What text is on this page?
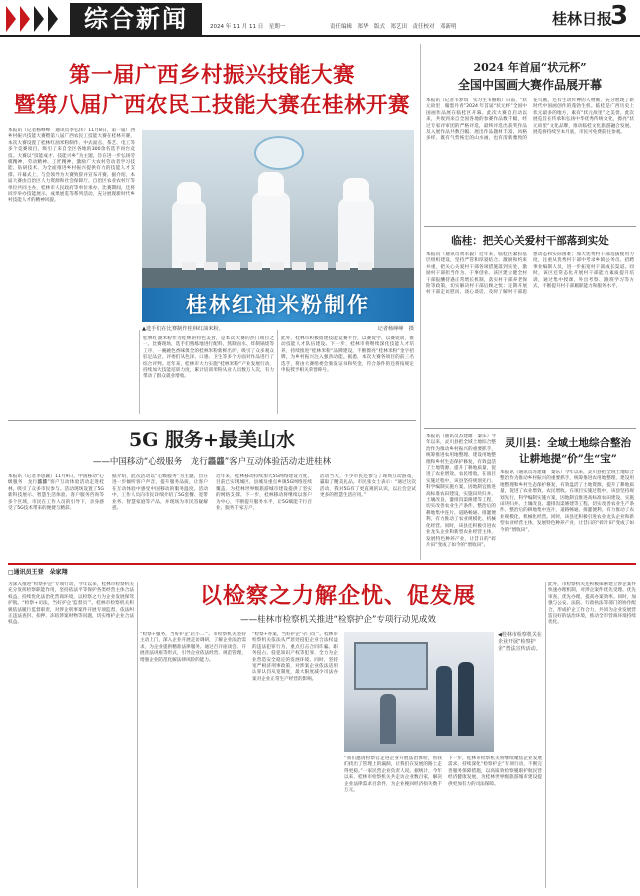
综合新闻	2024 年 11 月 11 日　星期一	责任编辑　郑华　版式　郑艺田　责任校对　邓新明	桂林日报
3
第一届广西乡村振兴技能大赛
暨第八届广西农民工技能大赛在桂林开赛
本报讯（记者杨峥峥　通讯员李弘伟）11月8日，第一届广西乡村振兴技能大赛暨第八届广西农民工技能大赛在桂林开赛，本次大赛设置了桂林红油米粉制作、中式面点、茶艺、电工等多个竞赛项目，吸引了来自全区各地的300余名选手同台竞技。大赛以“技能成才、技能兴乡”为主题，旨在进一步弘扬劳模精神、劳动精神、工匠精神，激励广大农村劳动者学习技能、钻研技术，为全面推进乡村振兴提供有力的技能人才支撑。开幕式上，与会领导为大赛致辞并宣布开赛。据介绍，本届大赛由自治区人力资源和社会保障厅、自治区农业农村厅等单位共同主办，桂林市人民政府等单位承办。比赛期间，还将同步举办技能展示、成果展览等系列活动，充分展现新时代乡村技能人才的精神风貌。
桂林红油米粉制作
▲选手们在比赛制作桂林红油米粉。	记者杨峥峥　摄
桂林红油米粉作为桂林的特色美食，是本次大赛的热门项目之一。比赛现场，选手们熟练地进行配料、熬制卤水、炸制锅烧等工序，一碗碗色香味俱全的桂林米粉新鲜出炉，吸引了众多观众驻足品尝。评委们从色泽、口感、卫生等多个方面对作品进行了综合评判。近年来，桂林市大力实施“桂林米粉”产业发展行动，持续加大技能培训力度，累计培训米粉从业人员数万人次，有力带动了群众就业增收。
此外，桂林市积极搭建技能竞赛平台，以赛促学、以赛促训，推动技能人才队伍建设。下一步，桂林市将继续深化技能人才培养，持续推进“桂林米粉”品牌建设，不断擦亮“桂林米粉”金字招牌，为乡村振兴注入强劲动能。据悉，本次大赛各项目的前三名选手，将由大赛组委会颁发证书和奖金，符合条件的还将按规定申报授予相关荣誉称号。
2024 年首届“状元杯”
全国中国画大赛作品展开幕
本报讯（记者韦梦琪　实习生韦丽娟）日前，“状元故里　翰墨丹青”2024 年首届“状元杯”全国中国画作品展在临桂区开幕。此次大赛自启动以来，共收到来自全国各地的参赛作品数千幅，经过专家评审团的严格评选，最终评选出获奖作品及入展作品共数百幅。展出作品题材丰富、风格多样，既有气势恢宏的山水画，也有清新雅致的花鸟画，还有生动传神的人物画，充分展现了新时代中国画创作的蓬勃生机。临桂是广西历史上状元最多的地方，素有“状元故里”之美誉。此次展览旨在传承和弘扬中华优秀传统文化，擦亮“状元故里”文化品牌，推动临桂文化旅游融合发展。展览将持续至本月底，市民可免费前往参观。
临桂：把关心关爱村干部落到实处
本报讯（通讯员黄永毅）近年来，临桂区紧扣基层组织建设，坚持严管和厚爱结合、激励和约束并重，把关心关爱村干部各项措施落到实处，激励村干部担当作为、干事创业。该区建立健全村干部报酬待遇正常增长机制，落实村干部养老保险等政策，切实解决村干部后顾之忧；定期开展村干部走访慰问、谈心谈话，及时了解村干部思想动态和实际困难；加大优秀村干部选拔使用力度，注重从优秀村干部中考录乡镇公务员、招聘事业编制人员，进一步拓宽村干部成长渠道。同时，该区还常态化开展村干部能力素质提升培训，通过集中授课、外出考察、跟班学习等方式，不断提升村干部履职能力和服务水平。
灵川县：全域土地综合整治
让耕地提“价”生“宝”
本报讯（通讯员苏建雄　秦乐）今年以来，灵川县把全域土地综合整治作为推动乡村振兴的重要抓手，统筹推进农用地整理、建设用地整理和乡村生态保护修复，有效盘活了土地资源，提升了耕地质量，促进了农业增效、农民增收。在项目实施过程中，该县坚持规划先行，科学编制实施方案，因地制宜推进高标准农田建设，实施田块归并、土壤改良、灌排沟渠修建等工程，切实改善农业生产条件。整治后的耕地集中连片、道路畅通、排灌便利，有力推动了农业规模化、机械化经营。同时，该县还积极引进农业龙头企业和新型农业经营主体，发展特色种养产业，让昔日的“碎片田”变成了如今的“增收田”。
本报讯（通讯员苏建雄　秦乐）今年以来，灵川县把全域土地综合整治作为推动乡村振兴的重要抓手，统筹推进农用地整理、建设用地整理和乡村生态保护修复，有效盘活了土地资源，提升了耕地质量，促进了农业增效、农民增收。在项目实施过程中，该县坚持规划先行，科学编制实施方案，因地制宜推进高标准农田建设，实施田块归并、土壤改良、灌排沟渠修建等工程，切实改善农业生产条件。整治后的耕地集中连片、道路畅通、排灌便利，有力推动了农业规模化、机械化经营。同时，该县还积极引进农业龙头企业和新型农业经营主体，发展特色种养产业，让昔日的“碎片田”变成了如今的“增收田”。
5G 服务+最美山水
——中国移动“心级服务　龙行龘龘”客户互动体验活动走进桂林
本报讯（记者李思颖）11月9日，中国移动“心级服务　龙行龘龘”客户互动体验活动走进桂林，吸引了众多市民参与。活动现场设置了5G新科技展示、智慧生活体验、客户服务咨询等多个区域，市民在工作人员的引导下，亲身感受了5G技术带来的便捷与精彩。
据介绍，此次活动以“心级服务”为主题，旨在进一步倾听客户声音、提升服务品质，让客户在互动体验中感受中国移动的服务温度。活动中，工作人员向市民详细介绍了5G套餐、宽带业务、智慧家庭等产品，并现场为市民答疑解惑。
近年来，桂林移动持续加大5G网络建设力度，目前已实现城区、县城及重点乡镇5G网络连续覆盖，为桂林世界级旅游城市建设提供了坚实的网络支撑。下一步，桂林移动将继续以客户为中心，不断提升服务水平，让5G赋能千行百业、服务千家万户。
活动当天，不少市民还参与了现场互动游戏，赢取了精美礼品。市民张女士表示：“通过这次活动，我对5G有了更直观的认识，以后会尝试更多的智慧生活应用。”
□通讯员王登　朵家翔
以检察之力解企忧、促发展
——桂林市检察机关推进“检察护企”专项行动见成效
为深入推进“检察护企”专项行动，今年以来，桂林市检察机关充分发挥检察职能作用，坚持依法平等保护各类经营主体合法权益，持续优化法治化营商环境，以检察之力为企业发展保驾护航。“检察+司法，当好护企‘监督员’”。桂林市检察机关积极依法履行监督职责，对涉企刑事案件开展专项监督，依法纠正违法查封、扣押、冻结涉案财物等问题，切实维护企业合法权益。
“检察+服务，当好护企‘店小二’”。市检察机关坚持主动上门，深入企业开展走访调研，了解企业法治需求，为企业提供精准法律服务。通过召开座谈会、开展普法讲座等形式，引导企业依法经营、规范管理，增强企业防范化解法律风险的能力。
“检察+办案，当好护企‘守门员’”。桂林市检察机关依法从严惩处侵犯企业合法权益的违法犯罪行为，重点打击合同诈骗、职务侵占、侵犯知识产权等犯罪，全力为企业营造安全稳定的发展环境。同时，坚持宽严相济刑事政策，对涉案企业依法适用认罪认罚从宽制度，最大限度减少司法办案对企业正常生产经营的影响。
◀桂林市检察机关在企业开展“检察护企”普法宣传活动。
“我们邀请检察官走进企业开展法治体检，帮我们找出了管理上的漏洞，让我们在发展的路上走得更稳。”一家民营企业负责人说。据统计，今年以来，桂林市检察机关共走访企业数百家，解决企业法律需求百余件，为企业挽回经济损失数千万元。
下一步，桂林市检察机关将继续聚焦企业发展需求，持续深化“检察护企”专项行动，不断完善服务保障措施，以高质效检察履职护航民营经济健康发展，为桂林世界级旅游城市建设提供更加有力的司法保障。
此外，市检察机关还积极探索建立涉企案件快速办理机制，对涉企案件优先受理、优先审查、优先办理，提高办案效率。同时，加强与公安、法院、行政执法等部门的协作配合，形成护企工作合力，共同为企业发展营造良好的法治环境，推动全市营商环境持续优化。
